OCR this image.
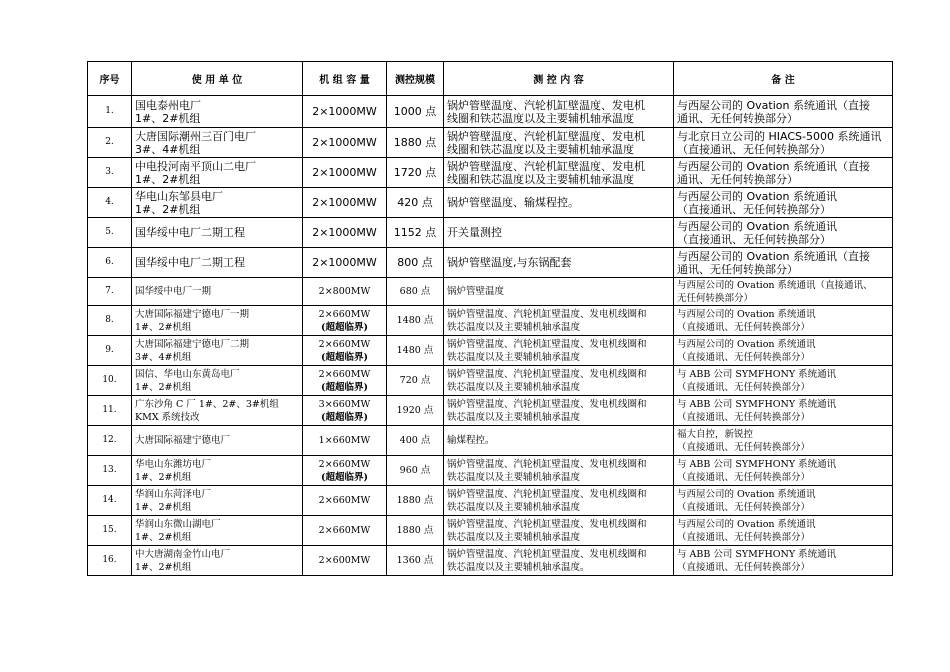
序号	使 用 单 位	机 组 容 量	测控规模	测 控 内 容	备 注

1.	国电泰州电厂
1#、2#机组	2×1000MW	1000 点	锅炉管壁温度、汽轮机缸壁温度、发电机
线圈和铁芯温度以及主要辅机轴承温度	与西屋公司的 Ovation 系统通讯（直接
通讯、无任何转换部分）

2.	大唐国际潮州三百门电厂
3#、4#机组	2×1000MW	1880 点	锅炉管壁温度、汽轮机缸壁温度、发电机
线圈和铁芯温度以及主要辅机轴承温度	与北京日立公司的 HIACS-5000 系统通讯
（直接通讯、无任何转换部分）

3.	中电投河南平顶山二电厂
1#、2#机组	2×1000MW	1720 点	锅炉管壁温度、汽轮机缸壁温度、发电机
线圈和铁芯温度以及主要辅机轴承温度	与西屋公司的 Ovation 系统通讯（直接
通讯、无任何转换部分）

4.	华电山东邹县电厂
1#、2#机组	2×1000MW	420 点	锅炉管壁温度、输煤程控。	与西屋公司的 Ovation 系统通讯
（直接通讯、无任何转换部分）

5.	国华绥中电厂二期工程	2×1000MW	1152 点	开关量测控	与西屋公司的 Ovation 系统通讯
（直接通讯、无任何转换部分）

6.	国华绥中电厂二期工程	2×1000MW	800 点	锅炉管壁温度,与东锅配套	与西屋公司的 Ovation 系统通讯（直接
通讯、无任何转换部分）

7.	国华绥中电厂一期	2×800MW	680 点	锅炉管壁温度	与西屋公司的 Ovation 系统通讯（直接通讯、
无任何转换部分）

8.	大唐国际福建宁德电厂一期
1#、2#机组	2×660MW
(超超临界)	1480 点	锅炉管壁温度、汽轮机缸壁温度、发电机线圈和
铁芯温度以及主要辅机轴承温度	与西屋公司的 Ovation 系统通讯
（直接通讯、无任何转换部分）

9.	大唐国际福建宁德电厂二期
3#、4#机组	2×660MW
(超超临界)	1480 点	锅炉管壁温度、汽轮机缸壁温度、发电机线圈和
铁芯温度以及主要辅机轴承温度	与西屋公司的 Ovation 系统通讯
（直接通讯、无任何转换部分）

10.	国信、华电山东黄岛电厂
1#、2#机组	2×660MW
(超超临界)	720 点	锅炉管壁温度、汽轮机缸壁温度、发电机线圈和
铁芯温度以及主要辅机轴承温度	与 ABB 公司 SYMFHONY 系统通讯
（直接通讯、无任何转换部分）

11.	广东沙角 C 厂 1#、2#、3#机组
KMX 系统技改	3×660MW
(超超临界)	1920 点	锅炉管壁温度、汽轮机缸壁温度、发电机线圈和
铁芯温度以及主要辅机轴承温度	与 ABB 公司 SYMFHONY 系统通讯
（直接通讯、无任何转换部分）

12.	大唐国际福建宁德电厂	1×660MW	400 点	输煤程控。	福大自控，新锐控
（直接通讯、无任何转换部分）

13.	华电山东潍坊电厂
1#、2#机组	2×660MW
(超超临界)	960 点	锅炉管壁温度、汽轮机缸壁温度、发电机线圈和
铁芯温度以及主要辅机轴承温度	与 ABB 公司 SYMFHONY 系统通讯
（直接通讯、无任何转换部分）

14.	华润山东菏泽电厂
1#、2#机组	2×660MW	1880 点	锅炉管壁温度、汽轮机缸壁温度、发电机线圈和
铁芯温度以及主要辅机轴承温度	与西屋公司的 Ovation 系统通讯
（直接通讯、无任何转换部分）

15.	华润山东微山湖电厂
1#、2#机组	2×660MW	1880 点	锅炉管壁温度、汽轮机缸壁温度、发电机线圈和
铁芯温度以及主要辅机轴承温度	与西屋公司的 Ovation 系统通讯
（直接通讯、无任何转换部分）

16.	中大唐湖南金竹山电厂
1#、2#机组	2×600MW	1360 点	锅炉管壁温度、汽轮机缸壁温度、发电机线圈和
铁芯温度以及主要辅机轴承温度。	与 ABB 公司 SYMFHONY 系统通讯
（直接通讯、无任何转换部分）
